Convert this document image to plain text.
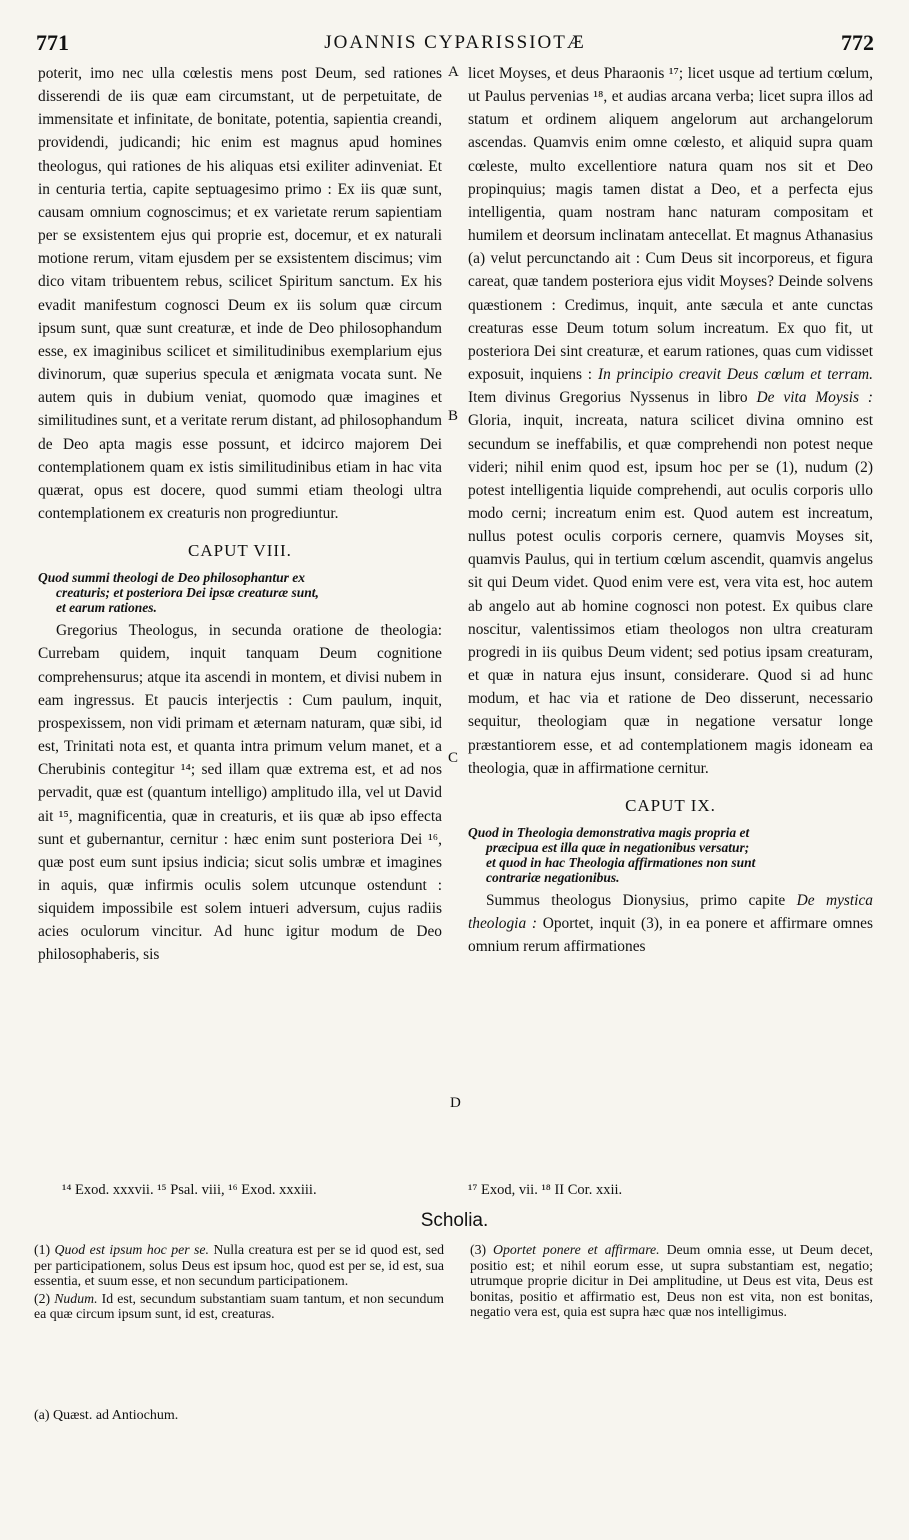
771	JOANNIS CYPARISSIOTÆ	772
A
B
C
D

poterit, imo nec ulla cœlestis mens post Deum, sed rationes disserendi de iis quæ eam circumstant, ut de perpetuitate, de immensitate et infinitate, de bonitate, potentia, sapientia creandi, providendi, judicandi; hic enim est magnus apud homines theologus, qui rationes de his aliquas etsi exiliter adinveniat. Et in centuria tertia, capite septuagesimo primo : Ex iis quæ sunt, causam omnium cognoscimus; et ex varietate rerum sapientiam per se exsistentem ejus qui proprie est, docemur, et ex naturali motione rerum, vitam ejusdem per se exsistentem discimus; vim dico vitam tribuentem rebus, scilicet Spiritum sanctum. Ex his evadit manifestum cognosci Deum ex iis solum quæ circum ipsum sunt, quæ sunt creaturæ, et inde de Deo philosophandum esse, ex imaginibus scilicet et similitudinibus exemplarium ejus divinorum, quæ superius specula et ænigmata vocata sunt. Ne autem quis in dubium veniat, quomodo quæ imagines et similitudines sunt, et a veritate rerum distant, ad philosophandum de Deo apta magis esse possunt, et idcirco majorem Dei contemplationem quam ex istis similitudinibus etiam in hac vita quærat, opus est docere, quod summi etiam theologi ultra contemplationem ex creaturis non progrediuntur.

CAPUT VIII.
Quod summi theologi de Deo philosophantur ex
creaturis; et posteriora Dei ipsæ creaturæ sunt,
et earum rationes.

Gregorius Theologus, in secunda oratione de theologia: Currebam quidem, inquit tanquam Deum cognitione comprehensurus; atque ita ascendi in montem, et divisi nubem in eam ingressus. Et paucis interjectis : Cum paulum, inquit, prospexissem, non vidi primam et æternam naturam, quæ sibi, id est, Trinitati nota est, et quanta intra primum velum manet, et a Cherubinis contegitur ¹⁴; sed illam quæ extrema est, et ad nos pervadit, quæ est (quantum intelligo) amplitudo illa, vel ut David ait ¹⁵, magnificentia, quæ in creaturis, et iis quæ ab ipso effecta sunt et gubernantur, cernitur : hæc enim sunt posteriora Dei ¹⁶, quæ post eum sunt ipsius indicia; sicut solis umbræ et imagines in aquis, quæ infirmis oculis solem utcunque ostendunt : siquidem impossibile est solem intueri adversum, cujus radiis acies oculorum vincitur. Ad hunc igitur modum de Deo philosophaberis, sis

licet Moyses, et deus Pharaonis ¹⁷; licet usque ad tertium cœlum, ut Paulus pervenias ¹⁸, et audias arcana verba; licet supra illos ad statum et ordinem aliquem angelorum aut archangelorum ascendas. Quamvis enim omne cœlesto, et aliquid supra quam cœleste, multo excellentiore natura quam nos sit et Deo propinquius; magis tamen distat a Deo, et a perfecta ejus intelligentia, quam nostram hanc naturam compositam et humilem et deorsum inclinatam antecellat. Et magnus Athanasius (a) velut percunctando ait : Cum Deus sit incorporeus, et figura careat, quæ tandem posteriora ejus vidit Moyses? Deinde solvens quæstionem : Credimus, inquit, ante sæcula et ante cunctas creaturas esse Deum totum solum increatum. Ex quo fit, ut posteriora Dei sint creaturæ, et earum rationes, quas cum vidisset exposuit, inquiens : In principio creavit Deus cœlum et terram. Item divinus Gregorius Nyssenus in libro De vita Moysis : Gloria, inquit, increata, natura scilicet divina omnino est secundum se ineffabilis, et quæ comprehendi non potest neque videri; nihil enim quod est, ipsum hoc per se (1), nudum (2) potest intelligentia liquide comprehendi, aut oculis corporis ullo modo cerni; increatum enim est. Quod autem est increatum, nullus potest oculis corporis cernere, quamvis Moyses sit, quamvis Paulus, qui in tertium cœlum ascendit, quamvis angelus sit qui Deum videt. Quod enim vere est, vera vita est, hoc autem ab angelo aut ab homine cognosci non potest. Ex quibus clare noscitur, valentissimos etiam theologos non ultra creaturam progredi in iis quibus Deum vident; sed potius ipsam creaturam, et quæ in natura ejus insunt, considerare. Quod si ad hunc modum, et hac via et ratione de Deo disserunt, necessario sequitur, theologiam quæ in negatione versatur longe præstantiorem esse, et ad contemplationem magis idoneam ea theologia, quæ in affirmatione cernitur.

CAPUT IX.
Quod in Theologia demonstrativa magis propria et
præcipua est illa quæ in negationibus versatur;
et quod in hac Theologia affirmationes non sunt
contrariæ negationibus.

Summus theologus Dionysius, primo capite De mystica theologia : Oportet, inquit (3), in ea ponere et affirmare omnes omnium rerum affirmationes

¹⁴ Exod. xxxvii. ¹⁵ Psal. viii, ¹⁶ Exod. xxxiii.	¹⁷ Exod, vii. ¹⁸ II Cor. xxii.
Scholia.

(1) Quod est ipsum hoc per se. Nulla creatura est per se id quod est, sed per participationem, solus Deus est ipsum hoc, quod est per se, id est, sua essentia, et suum esse, et non secundum participationem.

(2) Nudum. Id est, secundum substantiam suam tantum, et non secundum ea quæ circum ipsum sunt, id est, creaturas.

(3) Oportet ponere et affirmare. Deum omnia esse, ut Deum decet, positio est; et nihil eorum esse, ut supra substantiam est, negatio; utrumque proprie dicitur in Dei amplitudine, ut Deus est vita, Deus est bonitas, positio et affirmatio est, Deus non est vita, non est bonitas, negatio vera est, quia est supra hæc quæ nos intelligimus.

(a) Quæst. ad Antiochum.
